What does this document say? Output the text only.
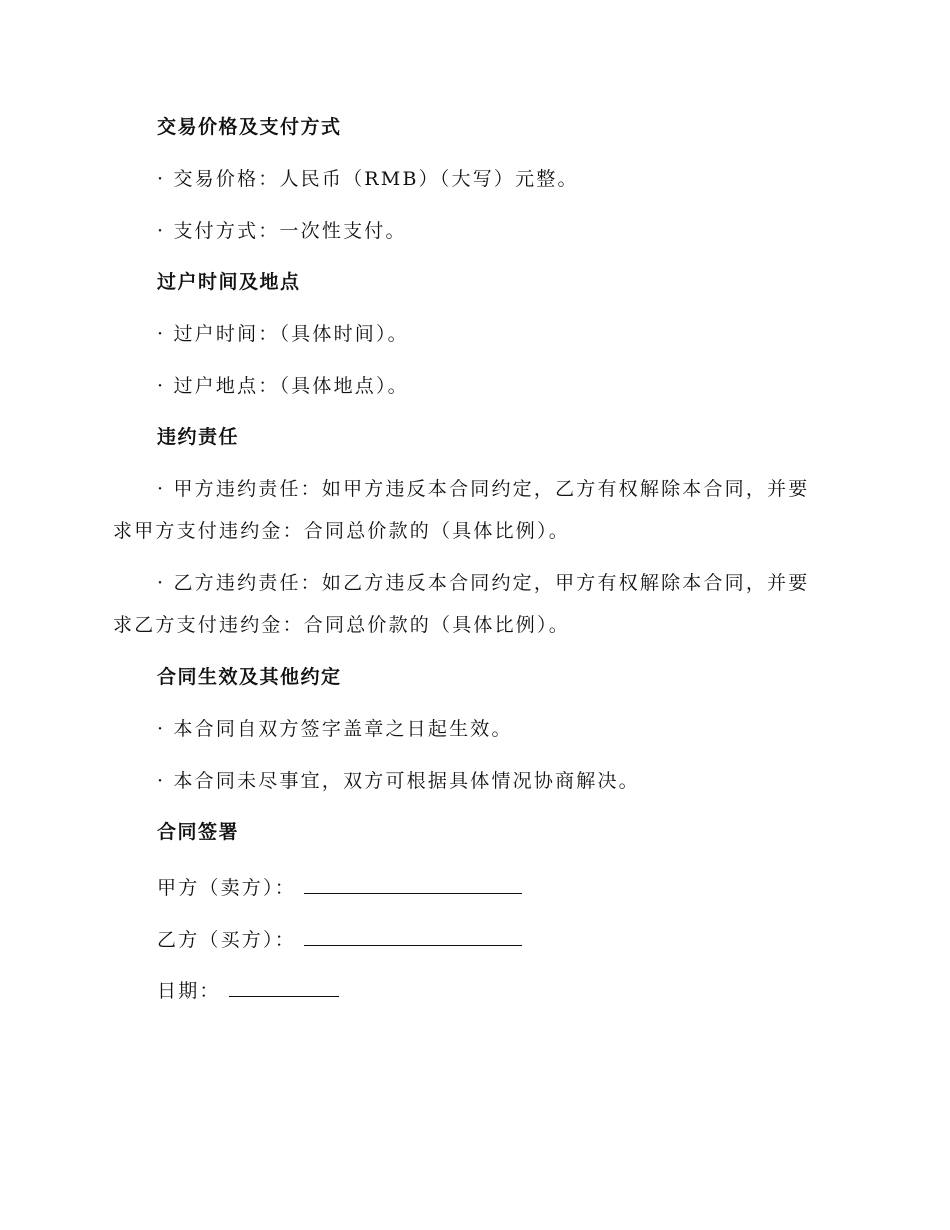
交易价格及支付方式
· 交易价格：人民币（RMB）（大写）元整。
· 支付方式：一次性支付。
过户时间及地点
· 过户时间：（具体时间）。
· 过户地点：（具体地点）。
违约责任
· 甲方违约责任：如甲方违反本合同约定，乙方有权解除本合同，并要
求甲方支付违约金：合同总价款的（具体比例）。
· 乙方违约责任：如乙方违反本合同约定，甲方有权解除本合同，并要
求乙方支付违约金：合同总价款的（具体比例）。
合同生效及其他约定
· 本合同自双方签字盖章之日起生效。
· 本合同未尽事宜，双方可根据具体情况协商解决。
合同签署
甲方（卖方）：
乙方（买方）：
日期：
